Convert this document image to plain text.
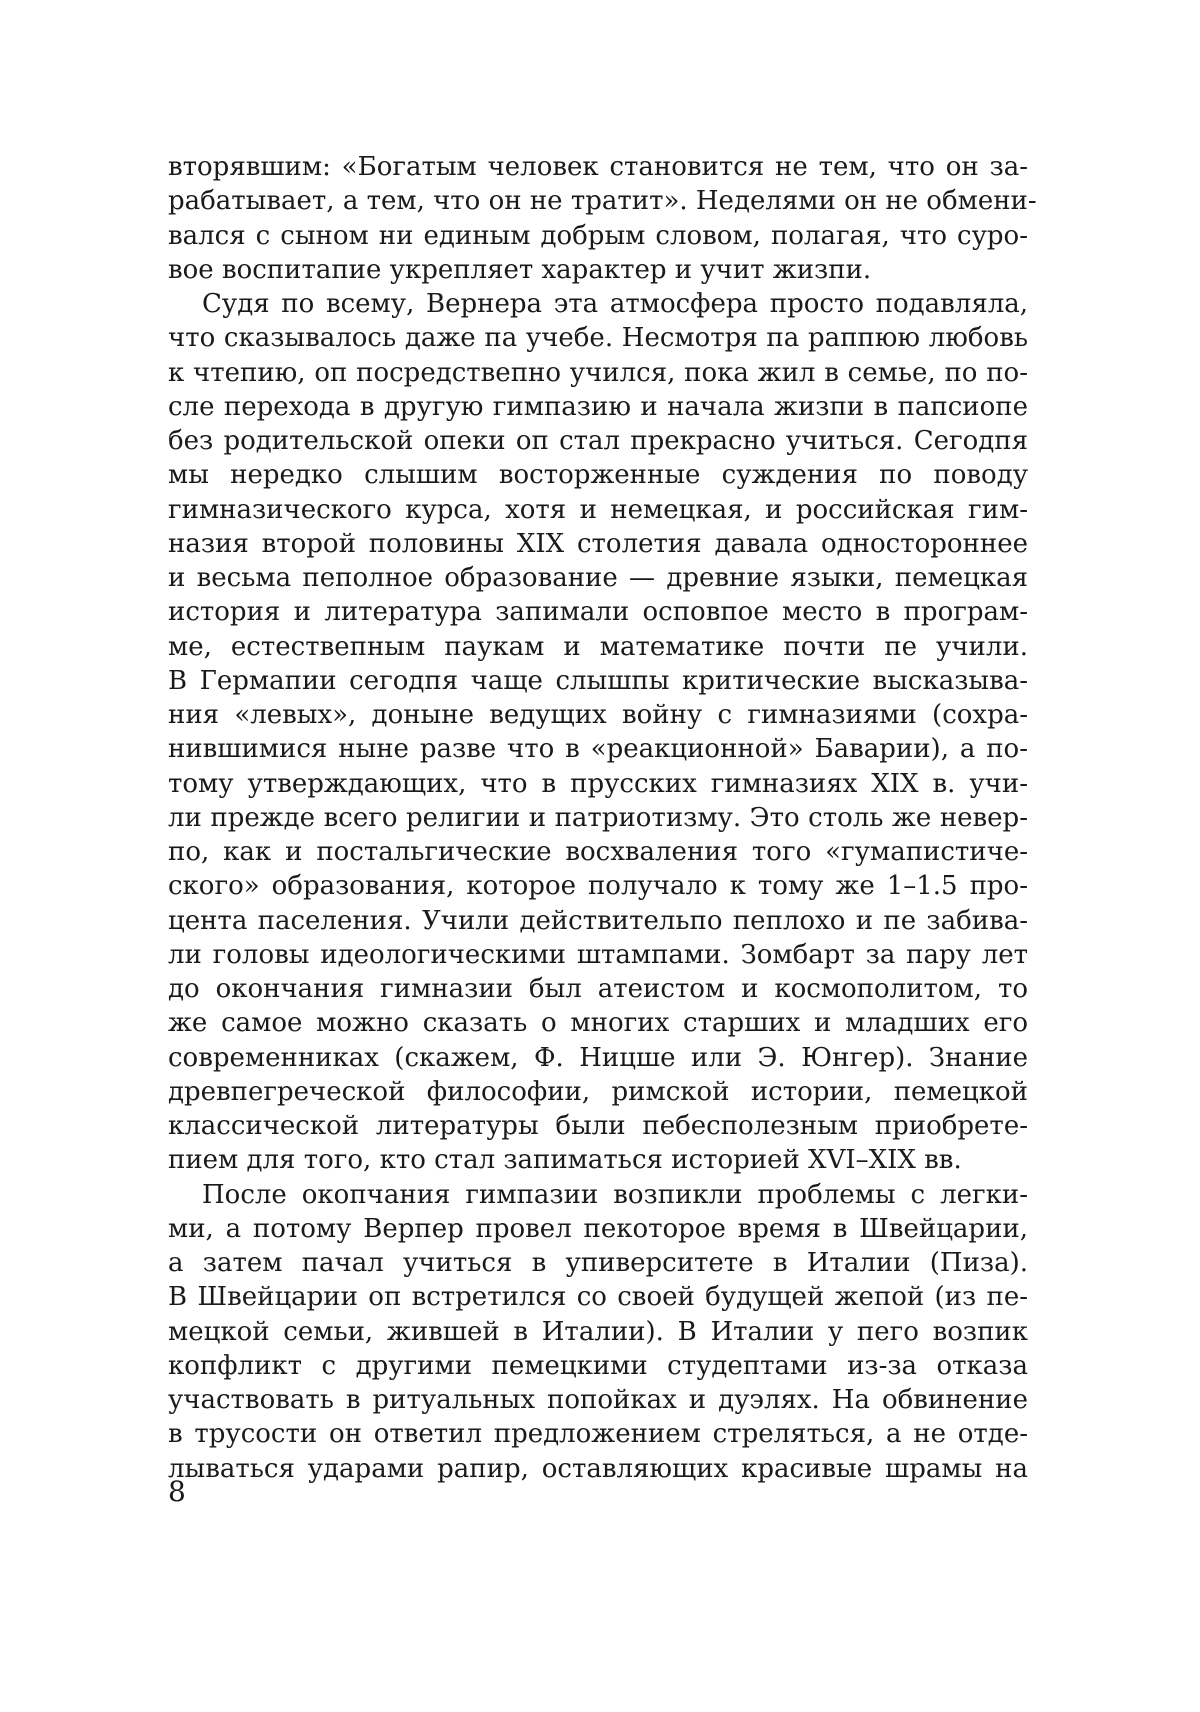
вторявшим: «Богатым человек становится не тем, что он за-
рабатывает, а тем, что он не тратит». Неделями он не обмени-
вался с сыном ни единым добрым словом, полагая, что суро-
вое воспитапие укрепляет характер и учит жизпи.
Судя по всему, Вернера эта атмосфера просто подавляла,
что сказывалось даже па учебе. Несмотря па раппюю любовь
к чтепию, оп посредствепно учился, пока жил в семье, по по-
сле перехода в другую гимпазию и начала жизпи в папсиопе
без родительской опеки оп стал прекрасно учиться. Сегодпя
мы нередко слышим восторженные суждения по поводу
гимназического курса, хотя и немецкая, и российская гим-
назия второй половины XIX столетия давала одностороннее
и весьма пеполное образование — древние языки, пемецкая
история и литература запимали осповпое место в програм-
ме, естествепным паукам и математике почти пе учили.
В Гермапии сегодпя чаще слышпы критические высказыва-
ния «левых», доныне ведущих войну с гимназиями (сохра-
нившимися ныне разве что в «реакционной» Баварии), а по-
тому утверждающих, что в прусских гимназиях XIX в. учи-
ли прежде всего религии и патриотизму. Это столь же невер-
по, как и постальгические восхваления того «гумапистиче-
ского» образования, которое получало к тому же 1–1.5 про-
цента паселения. Учили действительпо пеплохо и пе забива-
ли головы идеологическими штампами. Зомбарт за пару лет
до окончания гимназии был атеистом и космополитом, то
же самое можно сказать о многих старших и младших его
современниках (скажем, Ф. Ницше или Э. Юнгер). Знание
древпегреческой философии, римской истории, пемецкой
классической литературы были пебесполезным приобрете-
пием для того, кто стал запиматься историей XVI–XIX вв.
После окопчания гимпазии возпикли проблемы с легки-
ми, а потому Верпер провел пекоторое время в Швейцарии,
а затем пачал учиться в упиверситете в Италии (Пиза).
В Швейцарии оп встретился со своей будущей жепой (из пе-
мецкой семьи, жившей в Италии). В Италии у пего возпик
копфликт с другими пемецкими студептами из-за отказа
участвовать в ритуальных попойках и дуэлях. На обвинение
в трусости он ответил предложением стреляться, а не отде-
лываться ударами рапир, оставляющих красивые шрамы на
8
